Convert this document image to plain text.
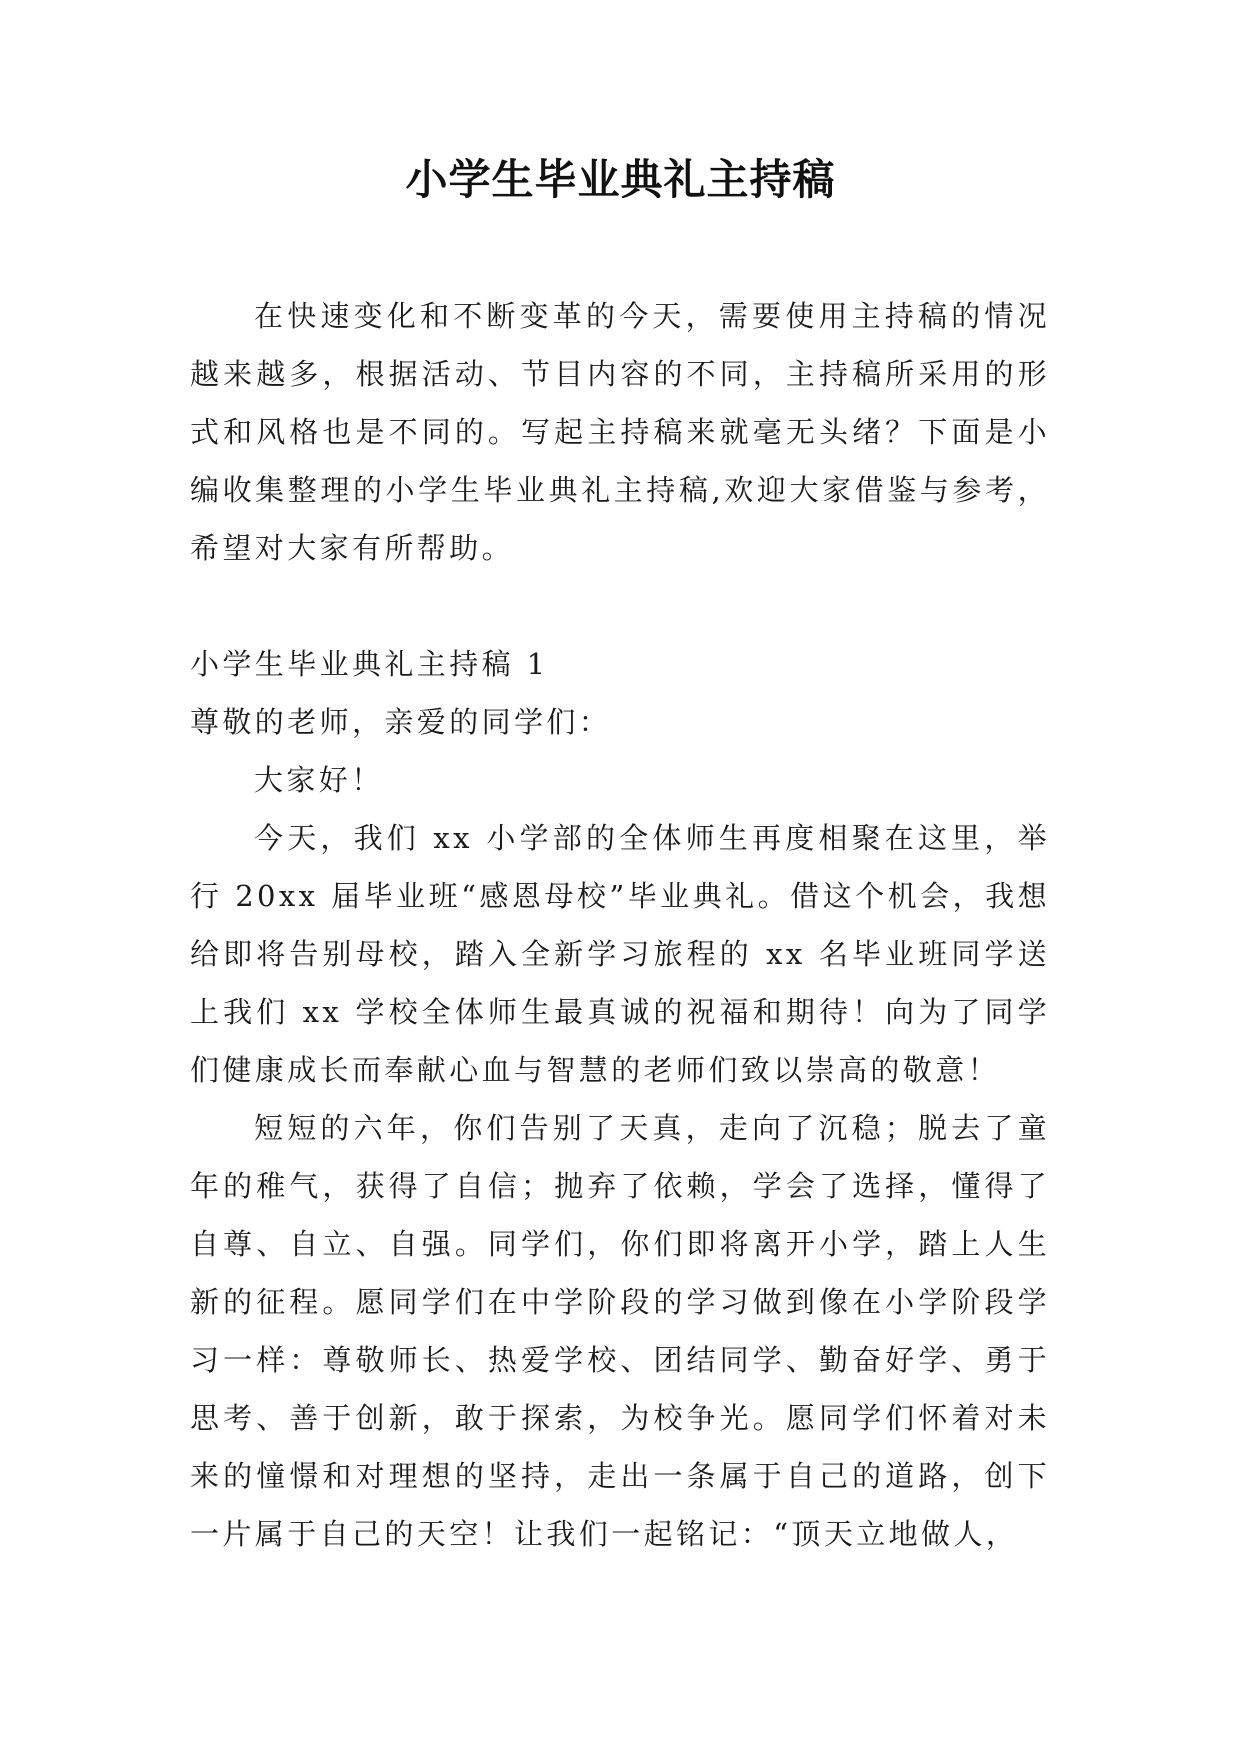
小学生毕业典礼主持稿

在快速变化和不断变革的今天，需要使用主持稿的情况越来越多，根据活动、节目内容的不同，主持稿所采用的形式和风格也是不同的。写起主持稿来就毫无头绪？下面是小编收集整理的小学生毕业典礼主持稿,欢迎大家借鉴与参考，希望对大家有所帮助。

小学生毕业典礼主持稿 1

尊敬的老师，亲爱的同学们：

大家好！

今天，我们 xx 小学部的全体师生再度相聚在这里，举行 20xx 届毕业班“感恩母校”毕业典礼。借这个机会，我想给即将告别母校，踏入全新学习旅程的 xx 名毕业班同学送上我们 xx 学校全体师生最真诚的祝福和期待！向为了同学们健康成长而奉献心血与智慧的老师们致以崇高的敬意！

短短的六年，你们告别了天真，走向了沉稳；脱去了童年的稚气，获得了自信；抛弃了依赖，学会了选择，懂得了自尊、自立、自强。同学们，你们即将离开小学，踏上人生新的征程。愿同学们在中学阶段的学习做到像在小学阶段学习一样：尊敬师长、热爱学校、团结同学、勤奋好学、勇于思考、善于创新，敢于探索，为校争光。愿同学们怀着对未来的憧憬和对理想的坚持，走出一条属于自己的道路，创下一片属于自己的天空！让我们一起铭记：“顶天立地做人，
